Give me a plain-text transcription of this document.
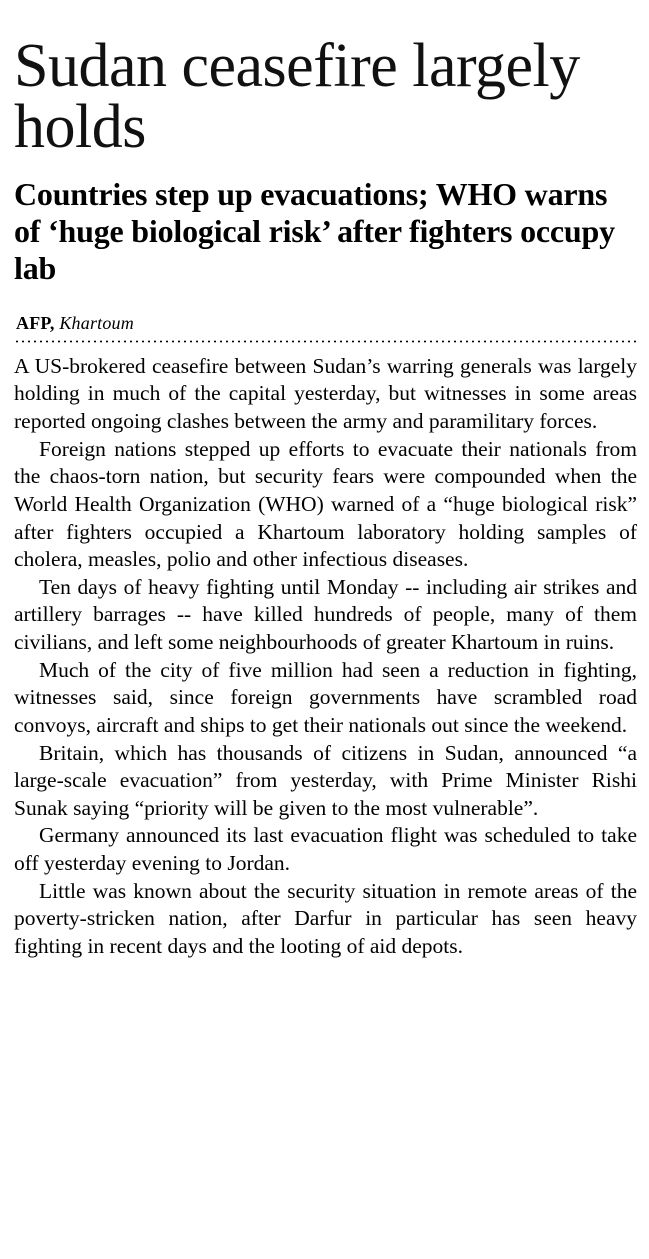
Sudan ceasefire largely holds
Countries step up evacuations; WHO warns of ‘huge biological risk’ after fighters occupy lab
AFP, Khartoum

A US-brokered ceasefire between Sudan’s warring generals was largely holding in much of the capital yesterday, but witnesses in some areas reported ongoing clashes between the army and paramilitary forces.

Foreign nations stepped up efforts to evacuate their nationals from the chaos-torn nation, but security fears were compounded when the World Health Organization (WHO) warned of a “huge biological risk” after fighters occupied a Khartoum laboratory holding samples of cholera, measles, polio and other infectious diseases.

Ten days of heavy fighting until Monday -- including air strikes and artillery barrages -- have killed hundreds of people, many of them civilians, and left some neighbourhoods of greater Khartoum in ruins.

Much of the city of five million had seen a reduction in fighting, witnesses said, since foreign governments have scrambled road convoys, aircraft and ships to get their nationals out since the weekend.

Britain, which has thousands of citizens in Sudan, announced “a large-scale evacuation” from yesterday, with Prime Minister Rishi Sunak saying “priority will be given to the most vulnerable”.

Germany announced its last evacuation flight was scheduled to take off yesterday evening to Jordan.

Little was known about the security situation in remote areas of the poverty-stricken nation, after Darfur in particular has seen heavy fighting in recent days and the looting of aid depots.
